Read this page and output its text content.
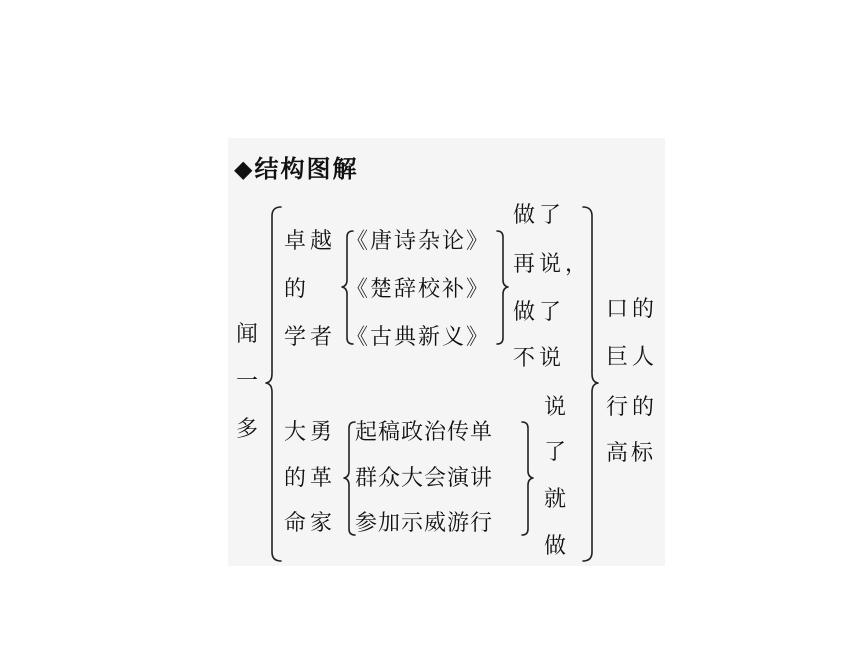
◆结构图解
闻
一
多
卓越
的
学者
《唐诗杂论》
《楚辞校补》
《古典新义》
做了
再说，
做了
不说
大勇
的革
命家
起稿政治传单
群众大会演讲
参加示威游行
说
了
就
做
口的
巨人
行的
高标
